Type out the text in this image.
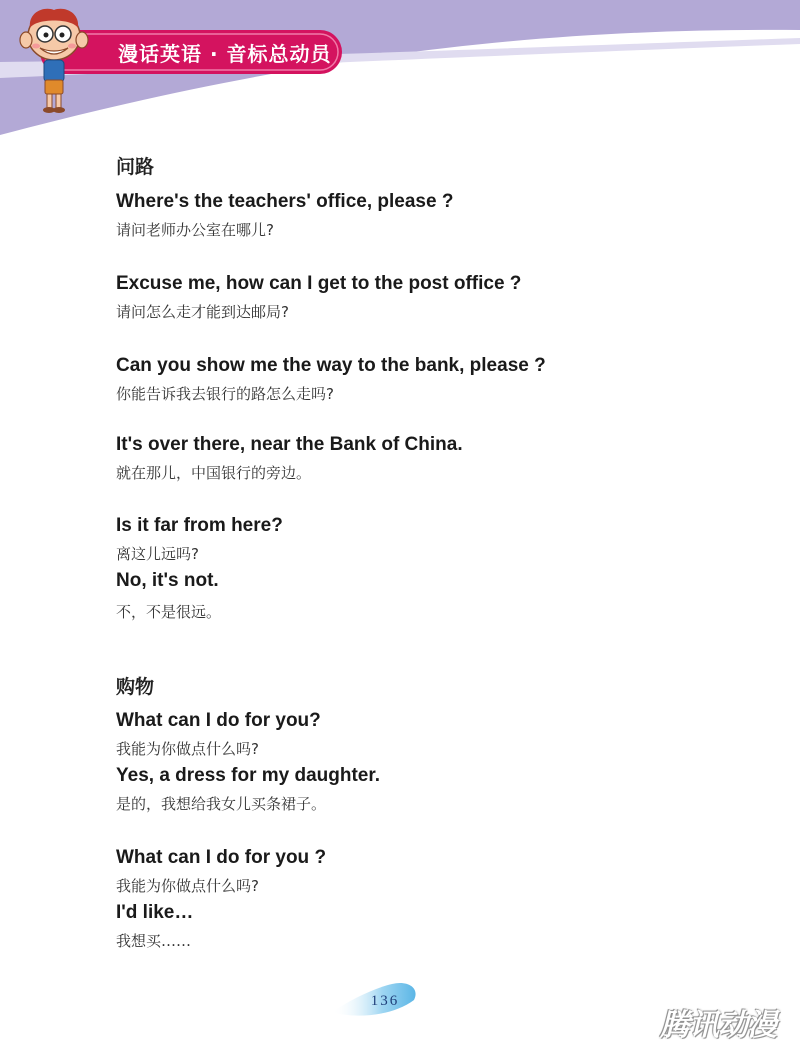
漫话英语 · 音标总动员
问路
Where's the teachers' office, please ?
请问老师办公室在哪儿?
Excuse me, how can I get to the post office ?
请问怎么走才能到达邮局?
Can you show me the way to the bank, please ?
你能告诉我去银行的路怎么走吗?
It's over there, near the Bank of China.
就在那儿，中国银行的旁边。
Is it far from here?
离这儿远吗?
No, it's not.
不，不是很远。
购物
What can I do for you?
我能为你做点什么吗?
Yes, a dress for my daughter.
是的，我想给我女儿买条裙子。
What can I do for you ?
我能为你做点什么吗?
I'd like…
我想买……
136
腾讯动漫
